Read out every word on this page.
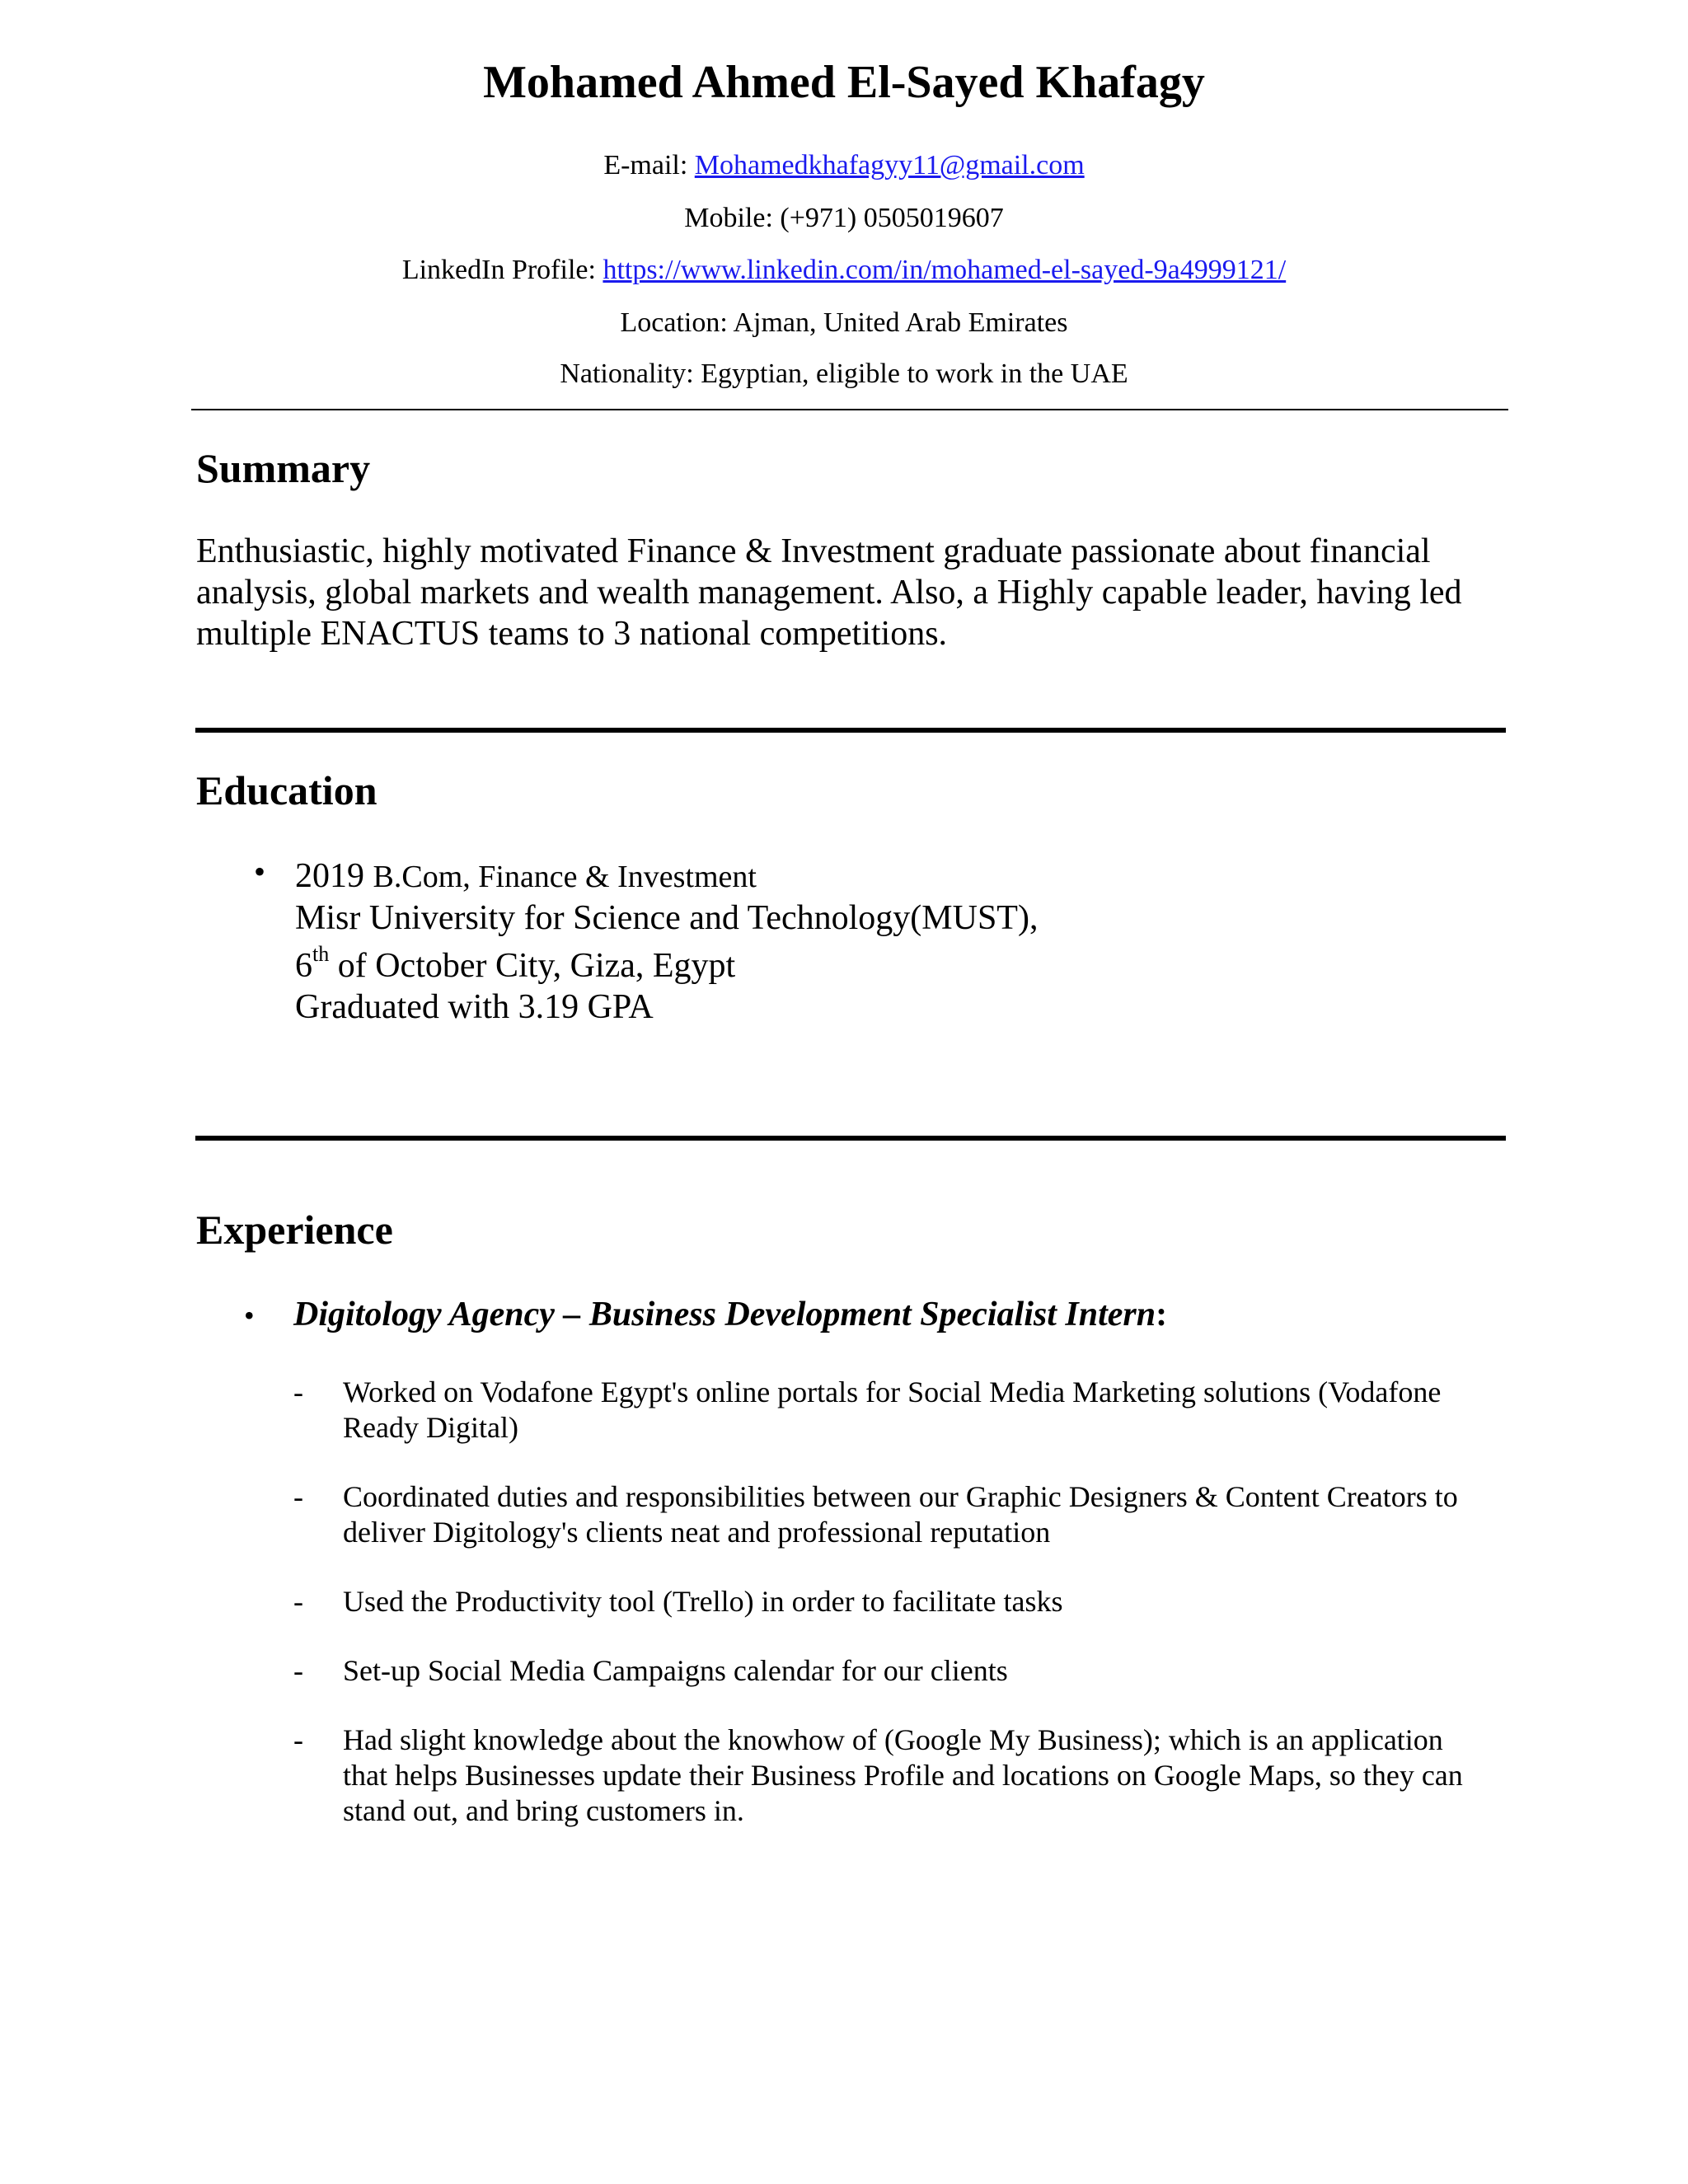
Mohamed Ahmed El-Sayed Khafagy
E-mail: Mohamedkhafagyy11@gmail.com
Mobile: (+971) 0505019607
LinkedIn Profile: https://www.linkedin.com/in/mohamed-el-sayed-9a4999121/
Location: Ajman, United Arab Emirates
Nationality: Egyptian, eligible to work in the UAE
Summary
Enthusiastic, highly motivated Finance & Investment graduate passionate about financial analysis, global markets and wealth management. Also, a Highly capable leader, having led multiple ENACTUS teams to 3 national competitions.
Education
• 2019 B.Com, Finance & Investment
Misr University for Science and Technology(MUST),
6th of October City, Giza, Egypt
Graduated with 3.19 GPA
Experience
• Digitology Agency – Business Development Specialist Intern:
-	Worked on Vodafone Egypt's online portals for Social Media Marketing solutions (Vodafone Ready Digital)
-	Coordinated duties and responsibilities between our Graphic Designers & Content Creators to deliver Digitology's clients neat and professional reputation
-	Used the Productivity tool (Trello) in order to facilitate tasks
-	Set-up Social Media Campaigns calendar for our clients
-	Had slight knowledge about the knowhow of (Google My Business); which is an application that helps Businesses update their Business Profile and locations on Google Maps, so they can stand out, and bring customers in.
